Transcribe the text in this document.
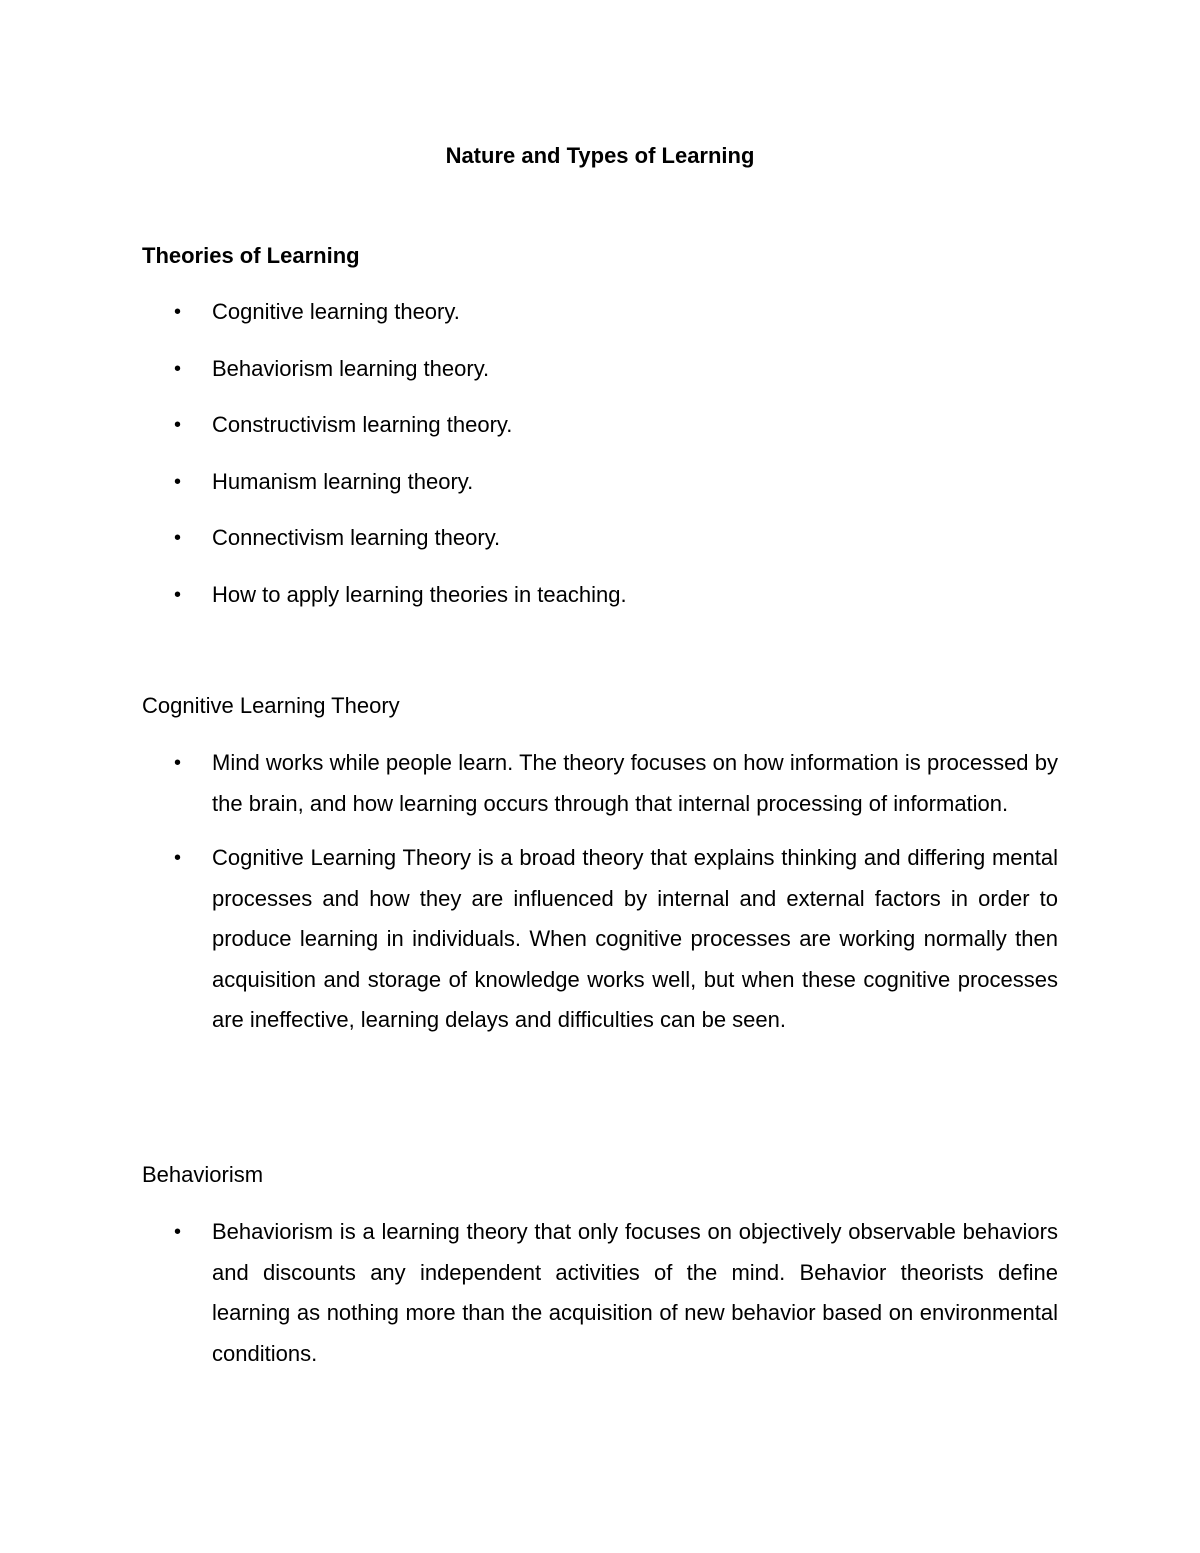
Nature and Types of Learning
Theories of Learning
• Cognitive learning theory.
• Behaviorism learning theory.
• Constructivism learning theory.
• Humanism learning theory.
• Connectivism learning theory.
• How to apply learning theories in teaching.
Cognitive Learning Theory
• Mind works while people learn. The theory focuses on how information is processed by the brain, and how learning occurs through that internal processing of information.
• Cognitive Learning Theory is a broad theory that explains thinking and differing mental processes and how they are influenced by internal and external factors in order to produce learning in individuals. When cognitive processes are working normally then acquisition and storage of knowledge works well, but when these cognitive processes are ineffective, learning delays and difficulties can be seen.
Behaviorism
• Behaviorism is a learning theory that only focuses on objectively observable behaviors and discounts any independent activities of the mind. Behavior theorists define learning as nothing more than the acquisition of new behavior based on environmental conditions.
